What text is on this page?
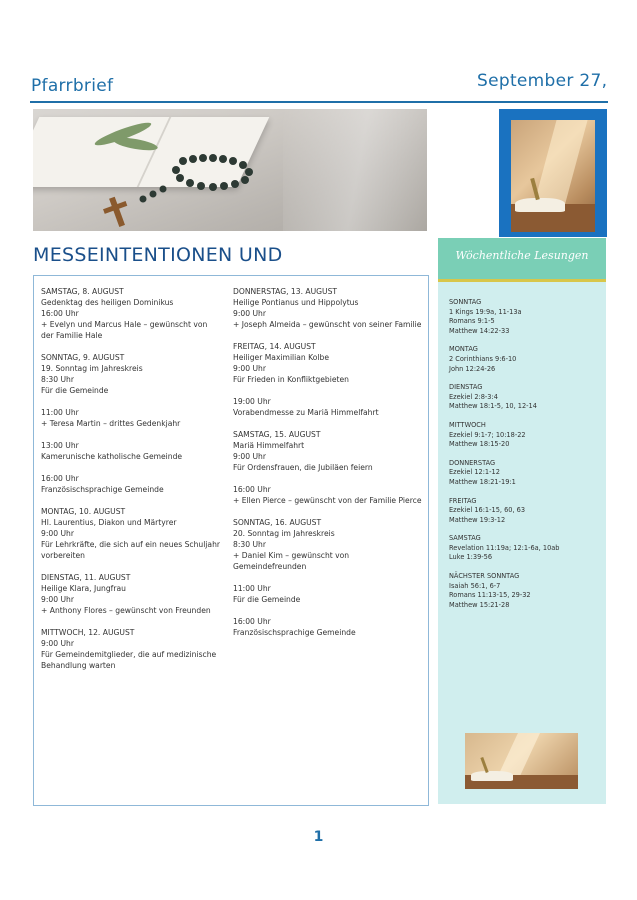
Pfarrbrief	September 27,
MESSEINTENTIONEN UND
SAMSTAG, 8. AUGUST
Gedenktag des heiligen Dominikus
16:00 Uhr
+ Evelyn und Marcus Hale – gewünscht von der Familie Hale
SONNTAG, 9. AUGUST
19. Sonntag im Jahreskreis
8:30 Uhr
Für die Gemeinde
11:00 Uhr
+ Teresa Martin – drittes Gedenkjahr
13:00 Uhr
Kamerunische katholische Gemeinde
16:00 Uhr
Französischsprachige Gemeinde
MONTAG, 10. AUGUST
Hl. Laurentius, Diakon und Märtyrer
9:00 Uhr
Für Lehrkräfte, die sich auf ein neues Schuljahr vorbereiten
DIENSTAG, 11. AUGUST
Heilige Klara, Jungfrau
9:00 Uhr
+ Anthony Flores – gewünscht von Freunden
MITTWOCH, 12. AUGUST
9:00 Uhr
Für Gemeindemitglieder, die auf medizinische Behandlung warten
DONNERSTAG, 13. AUGUST
Heilige Pontianus und Hippolytus
9:00 Uhr
+ Joseph Almeida – gewünscht von seiner Familie
FREITAG, 14. AUGUST
Heiliger Maximilian Kolbe
9:00 Uhr
Für Frieden in Konfliktgebieten
19:00 Uhr
Vorabendmesse zu Mariä Himmelfahrt
SAMSTAG, 15. AUGUST
Mariä Himmelfahrt
9:00 Uhr
Für Ordensfrauen, die Jubiläen feiern
16:00 Uhr
+ Ellen Pierce – gewünscht von der Familie Pierce
SONNTAG, 16. AUGUST
20. Sonntag im Jahreskreis
8:30 Uhr
+ Daniel Kim – gewünscht von Gemeindefreunden
11:00 Uhr
Für die Gemeinde
16:00 Uhr
Französischsprachige Gemeinde
Wöchentliche Lesungen
SONNTAG
1 Kings 19:9a, 11-13a
Romans 9:1-5
Matthew 14:22-33
MONTAG
2 Corinthians 9:6-10
John 12:24-26
DIENSTAG
Ezekiel 2:8-3:4
Matthew 18:1-5, 10, 12-14
MITTWOCH
Ezekiel 9:1-7; 10:18-22
Matthew 18:15-20
DONNERSTAG
Ezekiel 12:1-12
Matthew 18:21-19:1
FREITAG
Ezekiel 16:1-15, 60, 63
Matthew 19:3-12
SAMSTAG
Revelation 11:19a; 12:1-6a, 10ab
Luke 1:39-56
NÄCHSTER SONNTAG
Isaiah 56:1, 6-7
Romans 11:13-15, 29-32
Matthew 15:21-28
1
